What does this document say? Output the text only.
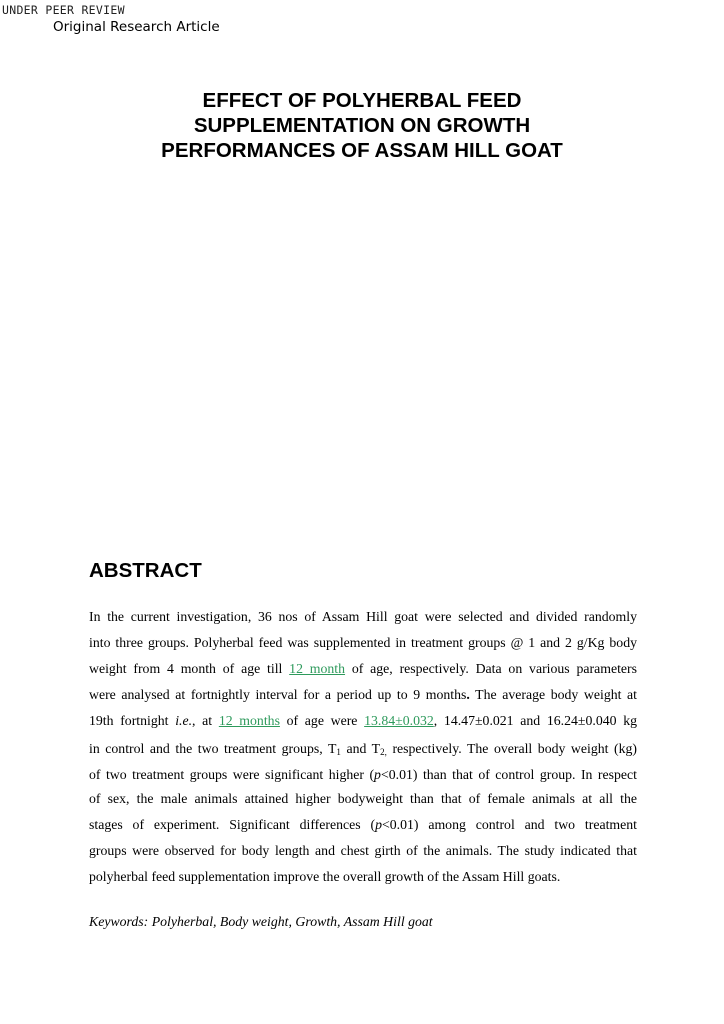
UNDER PEER REVIEW
Original Research Article
EFFECT OF POLYHERBAL FEED
SUPPLEMENTATION ON GROWTH
PERFORMANCES OF ASSAM HILL GOAT
ABSTRACT
In the current investigation, 36 nos of Assam Hill goat were selected and divided randomly
into three groups. Polyherbal feed was supplemented in treatment groups @ 1 and 2 g/Kg body
weight from 4 month of age till 12 month of age, respectively. Data on various parameters
were analysed at fortnightly interval for a period up to 9 months. The average body weight at
19th fortnight i.e., at 12 months of age were 13.84±0.032, 14.47±0.021 and 16.24±0.040 kg
in control and the two treatment groups, $T_1$ and $T_{2,}$ respectively. The overall body weight (kg)
of two treatment groups were significant higher (p<0.01) than that of control group. In respect
of sex, the male animals attained higher bodyweight than that of female animals at all the
stages of experiment. Significant differences (p<0.01) among control and two treatment
groups were observed for body length and chest girth of the animals. The study indicated that
polyherbal feed supplementation improve the overall growth of the Assam Hill goats.
Keywords: Polyherbal, Body weight, Growth, Assam Hill goat
